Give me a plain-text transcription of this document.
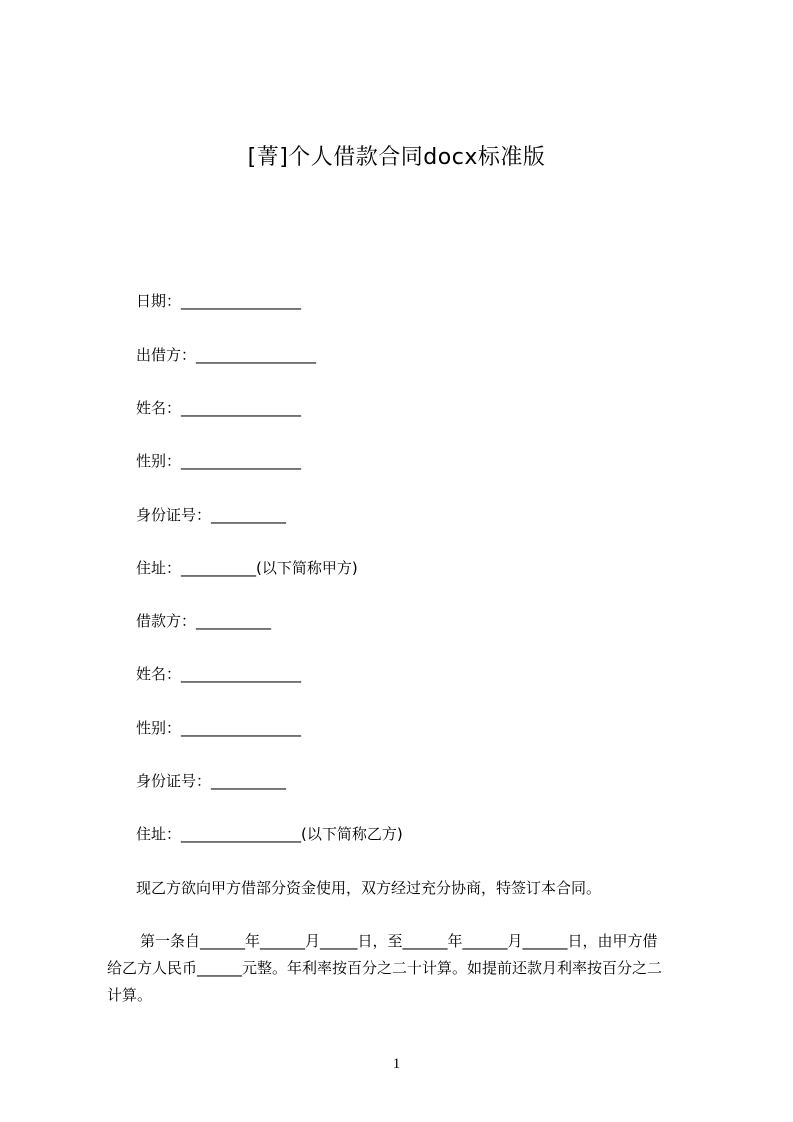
[菁]个人借款合同docx标准版
日期：________________
出借方：________________
姓名：________________
性别：________________
身份证号：__________
住址：__________(以下简称甲方)
借款方：__________
姓名：________________
性别：________________
身份证号：__________
住址：________________(以下简称乙方)
现乙方欲向甲方借部分资金使用，双方经过充分协商，特签订本合同。
第一条自______年______月_____日，至______年______月______日，由甲方借
给乙方人民币______元整。年利率按百分之二十计算。如提前还款月利率按百分之二
计算。
1
